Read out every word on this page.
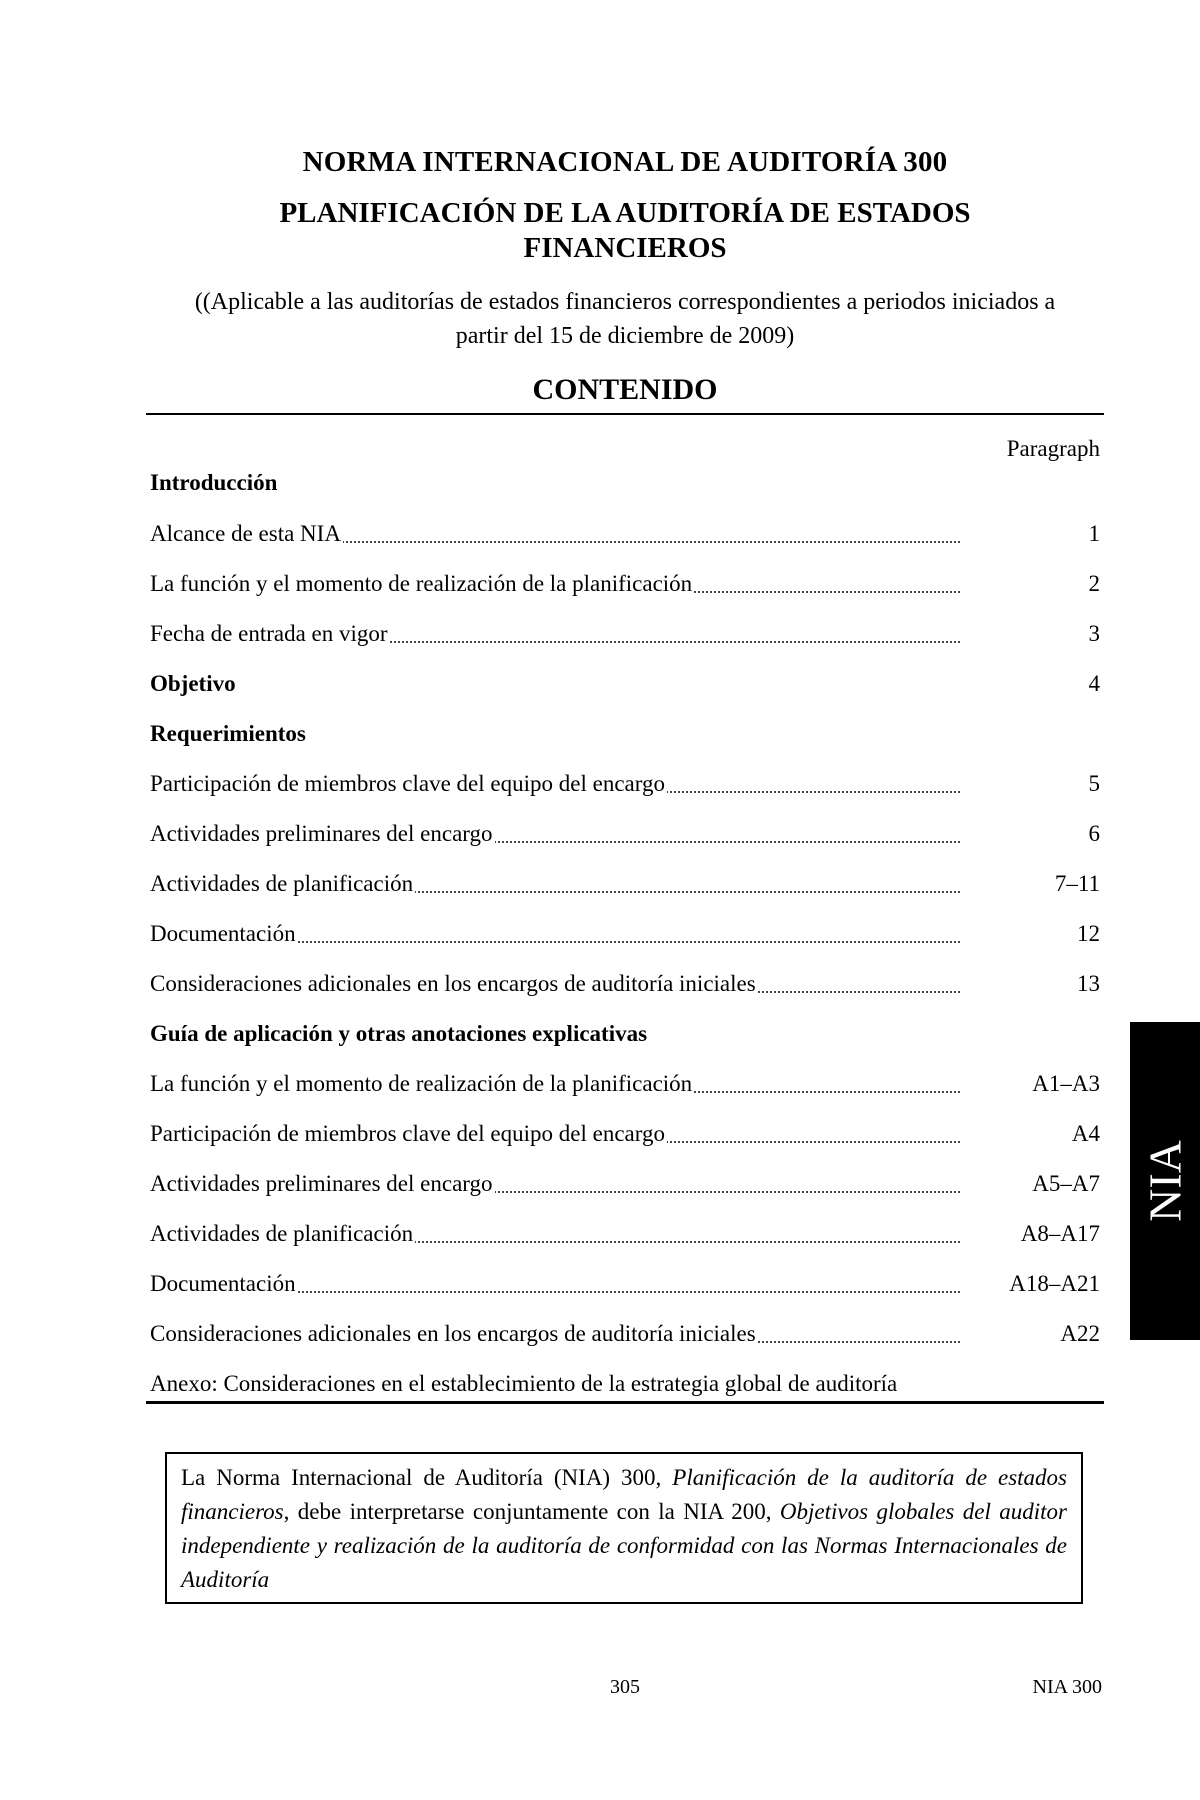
NORMA INTERNACIONAL DE AUDITORÍA 300
PLANIFICACIÓN DE LA AUDITORÍA DE ESTADOS FINANCIEROS
((Aplicable a las auditorías de estados financieros correspondientes a periodos iniciados a partir del 15 de diciembre de 2009)
CONTENIDO
Paragraph
Introducción
Alcance de esta NIA	1
La función y el momento de realización de la planificación	2
Fecha de entrada en vigor	3
Objetivo	4
Requerimientos
Participación de miembros clave del equipo del encargo	5
Actividades preliminares del encargo	6
Actividades de planificación	7–11
Documentación	12
Consideraciones adicionales en los encargos de auditoría iniciales	13
Guía de aplicación y otras anotaciones explicativas
La función y el momento de realización de la planificación	A1–A3
Participación de miembros clave del equipo del encargo	A4
Actividades preliminares del encargo	A5–A7
Actividades de planificación	A8–A17
Documentación	A18–A21
Consideraciones adicionales en los encargos de auditoría iniciales	A22
Anexo: Consideraciones en el establecimiento de la estrategia global de auditoría
La Norma Internacional de Auditoría (NIA) 300, Planificación de la auditoría de estados financieros, debe interpretarse conjuntamente con la NIA 200, Objetivos globales del auditor independiente y realización de la auditoría de conformidad con las Normas Internacionales de Auditoría
305	NIA 300
NIA
